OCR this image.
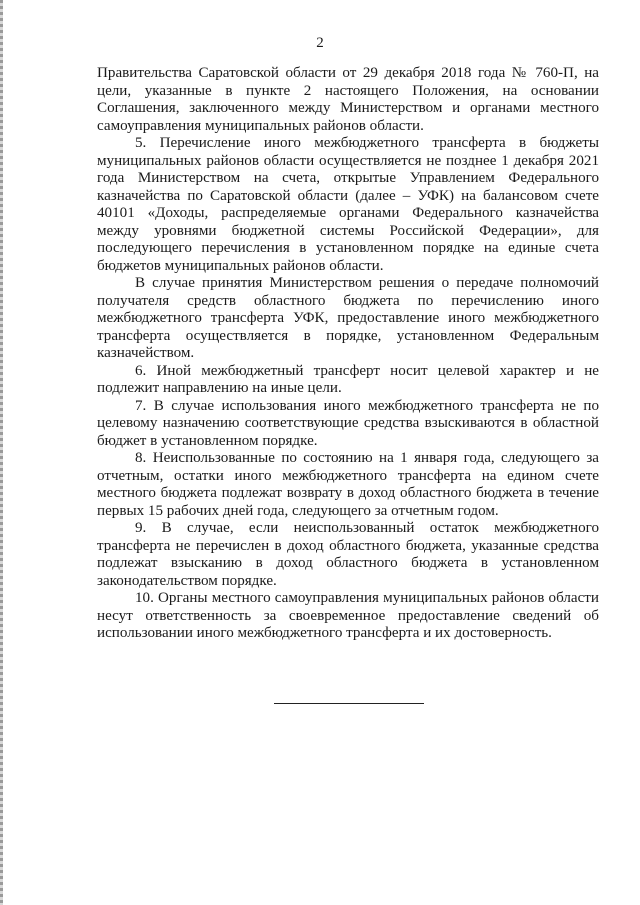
2

Правительства Саратовской области от 29 декабря 2018 года № 760-П, на цели, указанные в пункте 2 настоящего Положения, на основании Соглашения, заключенного между Министерством и органами местного самоуправления муниципальных районов области.

5. Перечисление иного межбюджетного трансферта в бюджеты муниципальных районов области осуществляется не позднее 1 декабря 2021 года Министерством на счета, открытые Управлением Федерального казначейства по Саратовской области (далее – УФК) на балансовом счете 40101 «Доходы, распределяемые органами Федерального казначейства между уровнями бюджетной системы Российской Федерации», для последующего перечисления в установленном порядке на единые счета бюджетов муниципальных районов области.

В случае принятия Министерством решения о передаче полномочий получателя средств областного бюджета по перечислению иного межбюджетного трансферта УФК, предоставление иного межбюджетного трансферта осуществляется в порядке, установленном Федеральным казначейством.

6. Иной межбюджетный трансферт носит целевой характер и не подлежит направлению на иные цели.

7. В случае использования иного межбюджетного трансферта не по целевому назначению соответствующие средства взыскиваются в областной бюджет в установленном порядке.

8. Неиспользованные по состоянию на 1 января года, следующего за отчетным, остатки иного межбюджетного трансферта на едином счете местного бюджета подлежат возврату в доход областного бюджета в течение первых 15 рабочих дней года, следующего за отчетным годом.

9. В случае, если неиспользованный остаток межбюджетного трансферта не перечислен в доход областного бюджета, указанные средства подлежат взысканию в доход областного бюджета в установленном законодательством порядке.

10. Органы местного самоуправления муниципальных районов области несут ответственность за своевременное предоставление сведений об использовании иного межбюджетного трансферта и их достоверность.
